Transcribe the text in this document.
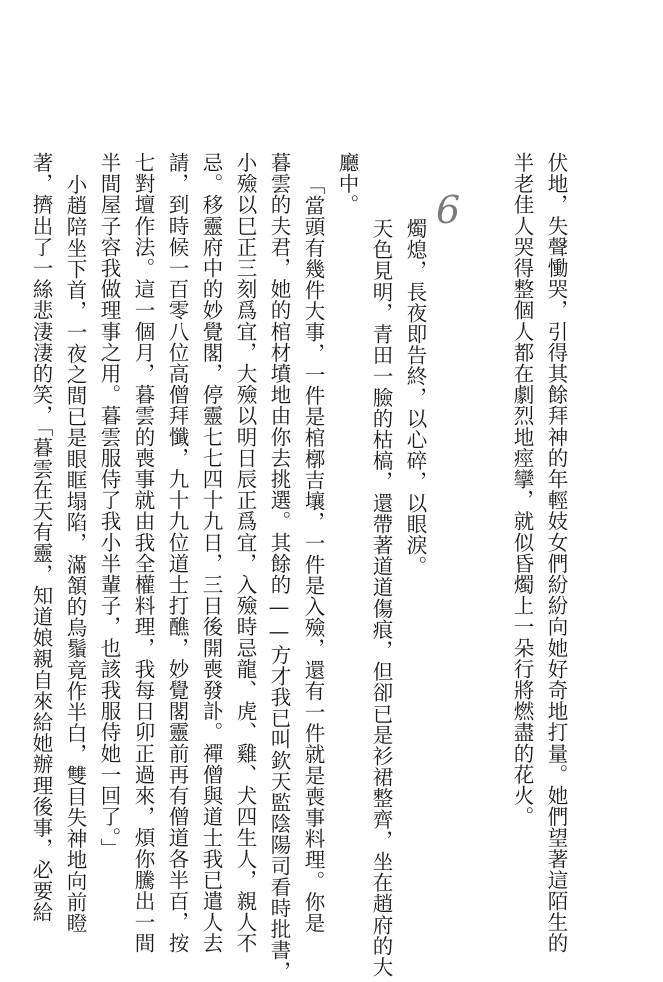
6	伏地，失聲慟哭，引得其餘拜神的年輕妓女們紛紛向她好奇地打量。她們望著這陌生的
半老佳人哭得整個人都在劇烈地痙攣，就似昏燭上一朵行將燃盡的花火。
燭熄，長夜即告終，以心碎，以眼淚。
天色見明，青田一臉的枯槁，還帶著道道傷痕，但卻已是衫裙整齊，坐在趙府的大
廳中。
「當頭有幾件大事，一件是棺槨吉壤，一件是入殮，還有一件就是喪事料理。你是
暮雲的夫君，她的棺材墳地由你去挑選。其餘的——方才我已叫欽天監陰陽司看時批書，
小殮以巳正三刻爲宜，大殮以明日辰正爲宜，入殮時忌龍、虎、雞、犬四生人，親人不
忌。移靈府中的妙覺閣，停靈七七四十九日，三日後開喪發訃。禪僧與道士我已遣人去
請，到時候一百零八位高僧拜懺，九十九位道士打醮，妙覺閣靈前再有僧道各半百，按
七對壇作法。這一個月，暮雲的喪事就由我全權料理，我每日卯正過來，煩你騰出一間
半間屋子容我做理事之用。暮雲服侍了我小半輩子，也該我服侍她一回了。」
小趙陪坐下首，一夜之間已是眼眶塌陷，滿頷的烏鬚竟作半白，雙目失神地向前瞪
著，擠出了一絲悲淒淒的笑，「暮雲在天有靈，知道娘親自來給她辦理後事，必要給
